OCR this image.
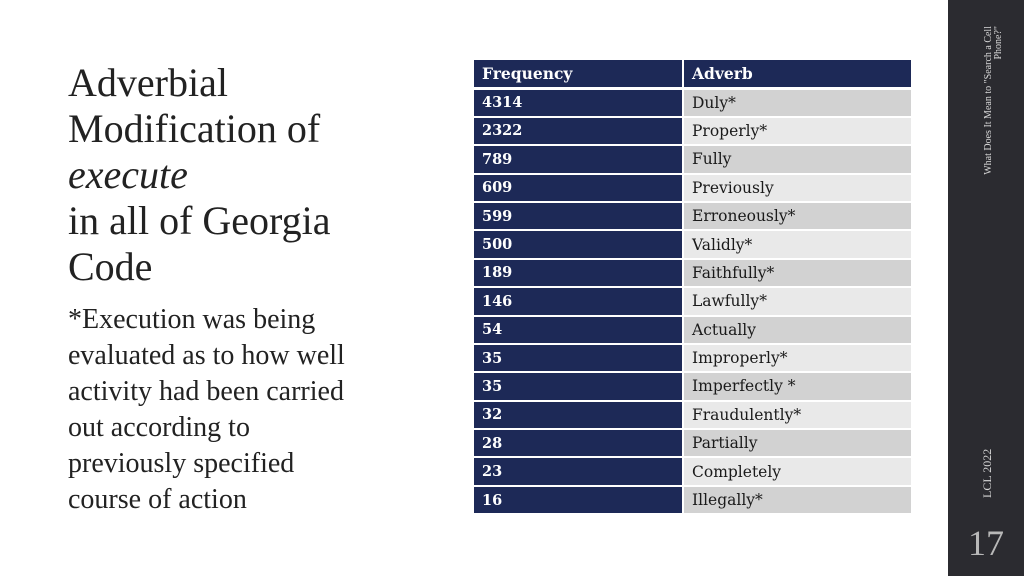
Adverbial
Modification of
execute
in all of Georgia
Code
*Execution was being
evaluated as to how well
activity had been carried
out according to
previously specified
course of action
Frequency	Adverb
4314	Duly*
2322	Properly*
789	Fully
609	Previously
599	Erroneously*
500	Validly*
189	Faithfully*
146	Lawfully*
54	Actually
35	Improperly*
35	Imperfectly *
32	Fraudulently*
28	Partially
23	Completely
16	Illegally*
What Does It Mean to "Search a Cell Phone?"
LCL 2022
17
